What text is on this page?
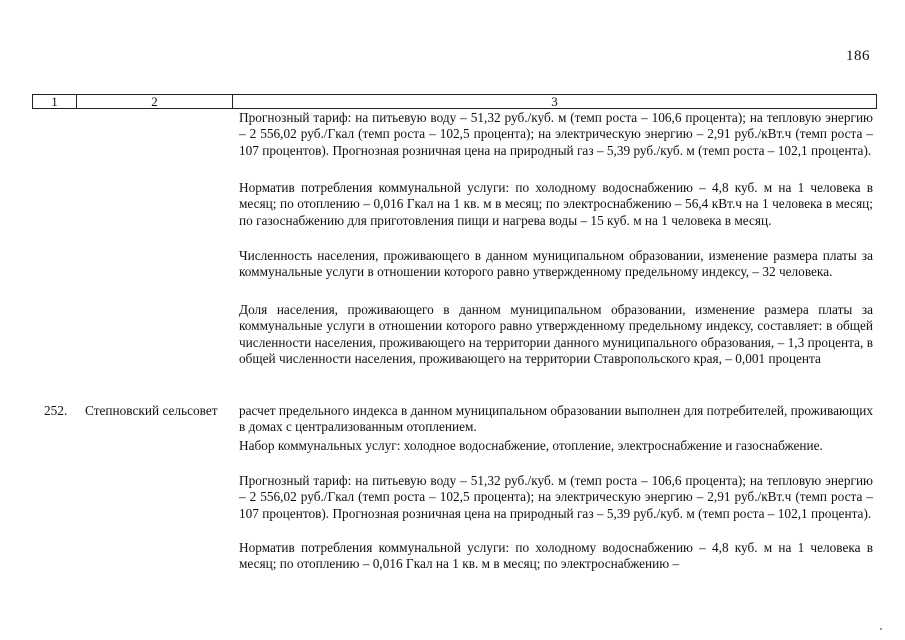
186
1	2	3

Прогнозный тариф: на питьевую воду – 51,32 руб./куб. м (темп роста – 106,6 процента); на тепловую энергию – 2 556,02 руб./Гкал (темп роста – 102,5 процента); на электрическую энергию – 2,91 руб./кВт.ч (темп роста – 107 процентов). Прогнозная розничная цена на природный газ – 5,39 руб./куб. м (темп роста – 102,1 процента).

Норматив потребления коммунальной услуги: по холодному водоснабжению – 4,8 куб. м на 1 человека в месяц; по отоплению – 0,016 Гкал на 1 кв. м в месяц; по электроснабжению – 56,4 кВт.ч на 1 человека в месяц; по газоснабжению для приготовления пищи и нагрева воды – 15 куб. м на 1 человека в месяц.

Численность населения, проживающего в данном муниципальном образовании, изменение размера платы за коммунальные услуги в отношении которого равно утвержденному предельному индексу, – 32 человека.

Доля населения, проживающего в данном муниципальном образовании, изменение размера платы за коммунальные услуги в отношении которого равно утвержденному предельному индексу, составляет: в общей численности населения, проживающего на территории данного муниципального образования, – 1,3 процента, в общей численности населения, проживающего на территории Ставропольского края, – 0,001 процента

252. Степновский сельсовет	расчет предельного индекса в данном муниципальном образовании выполнен для потребителей, проживающих в домах с централизованным отоплением.

Набор коммунальных услуг: холодное водоснабжение, отопление, электроснабжение и газоснабжение.

Прогнозный тариф: на питьевую воду – 51,32 руб./куб. м (темп роста – 106,6 процента); на тепловую энергию – 2 556,02 руб./Гкал (темп роста – 102,5 процента); на электрическую энергию – 2,91 руб./кВт.ч (темп роста – 107 процентов). Прогнозная розничная цена на природный газ – 5,39 руб./куб. м (темп роста – 102,1 процента).

Норматив потребления коммунальной услуги: по холодному водоснабжению – 4,8 куб. м на 1 человека в месяц; по отоплению – 0,016 Гкал на 1 кв. м в месяц; по электроснабжению –
